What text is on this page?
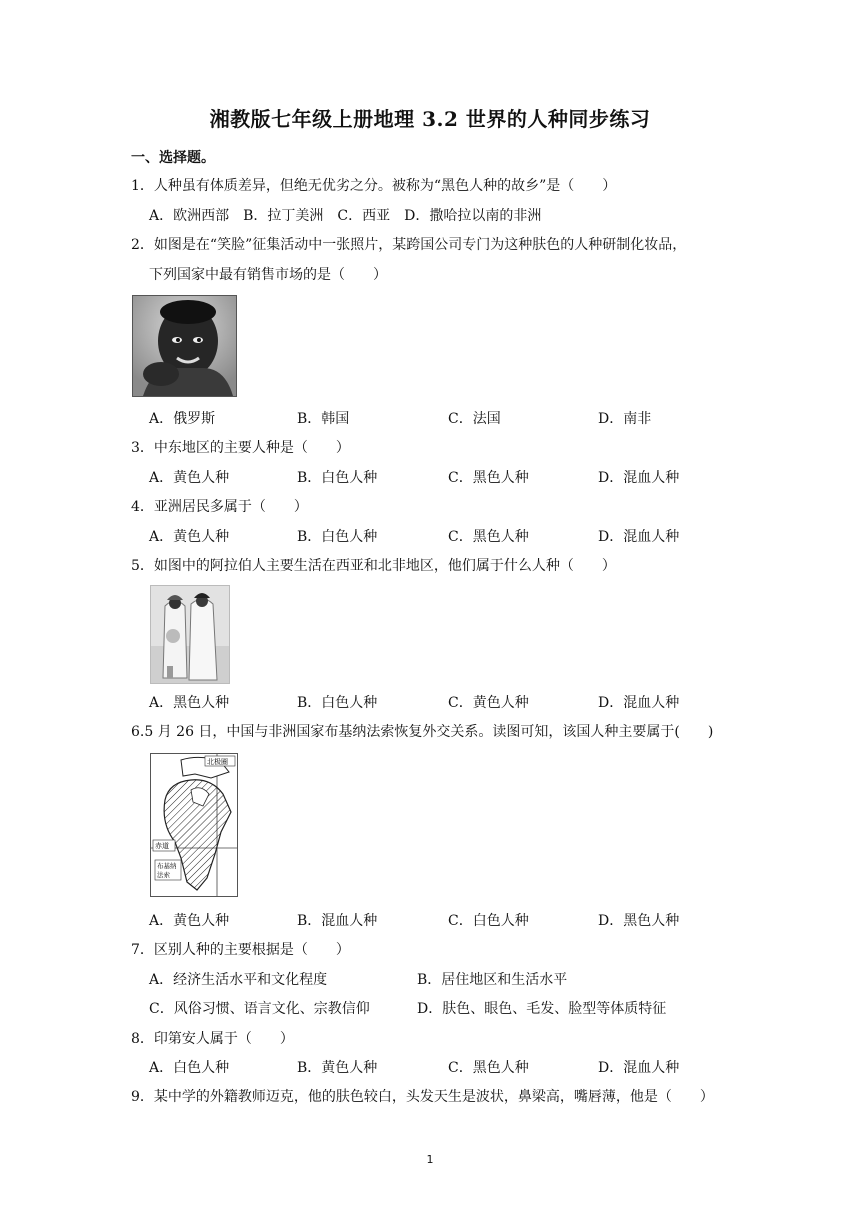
湘教版七年级上册地理 3.2 世界的人种同步练习
一、选择题。
1．人种虽有体质差异，但绝无优劣之分。被称为“黑色人种的故乡”是（　　）
A．欧洲西部　B．拉丁美洲　C．西亚　D．撒哈拉以南的非洲
2．如图是在“笑脸”征集活动中一张照片，某跨国公司专门为这种肤色的人种研制化妆品，
下列国家中最有销售市场的是（　　）
A．俄罗斯	B．韩国	C．法国	D．南非
3．中东地区的主要人种是（　　）
A．黄色人种	B．白色人种	C．黑色人种	D．混血人种
4．亚洲居民多属于（　　）
A．黄色人种	B．白色人种	C．黑色人种	D．混血人种
5．如图中的阿拉伯人主要生活在西亚和北非地区，他们属于什么人种（　　）
A．黑色人种	B．白色人种	C．黄色人种	D．混血人种
6.5 月 26 日，中国与非洲国家布基纳法索恢复外交关系。读图可知，该国人种主要属于(　　)
北极圈
赤道
布基纳法索
A．黄色人种	B．混血人种	C．白色人种	D．黑色人种
7．区别人种的主要根据是（　　）
A．经济生活水平和文化程度	B．居住地区和生活水平
C．风俗习惯、语言文化、宗教信仰	D．肤色、眼色、毛发、脸型等体质特征
8．印第安人属于（　　）
A．白色人种	B．黄色人种	C．黑色人种	D．混血人种
9．某中学的外籍教师迈克，他的肤色较白，头发天生是波状，鼻梁高，嘴唇薄，他是（　　）
1
